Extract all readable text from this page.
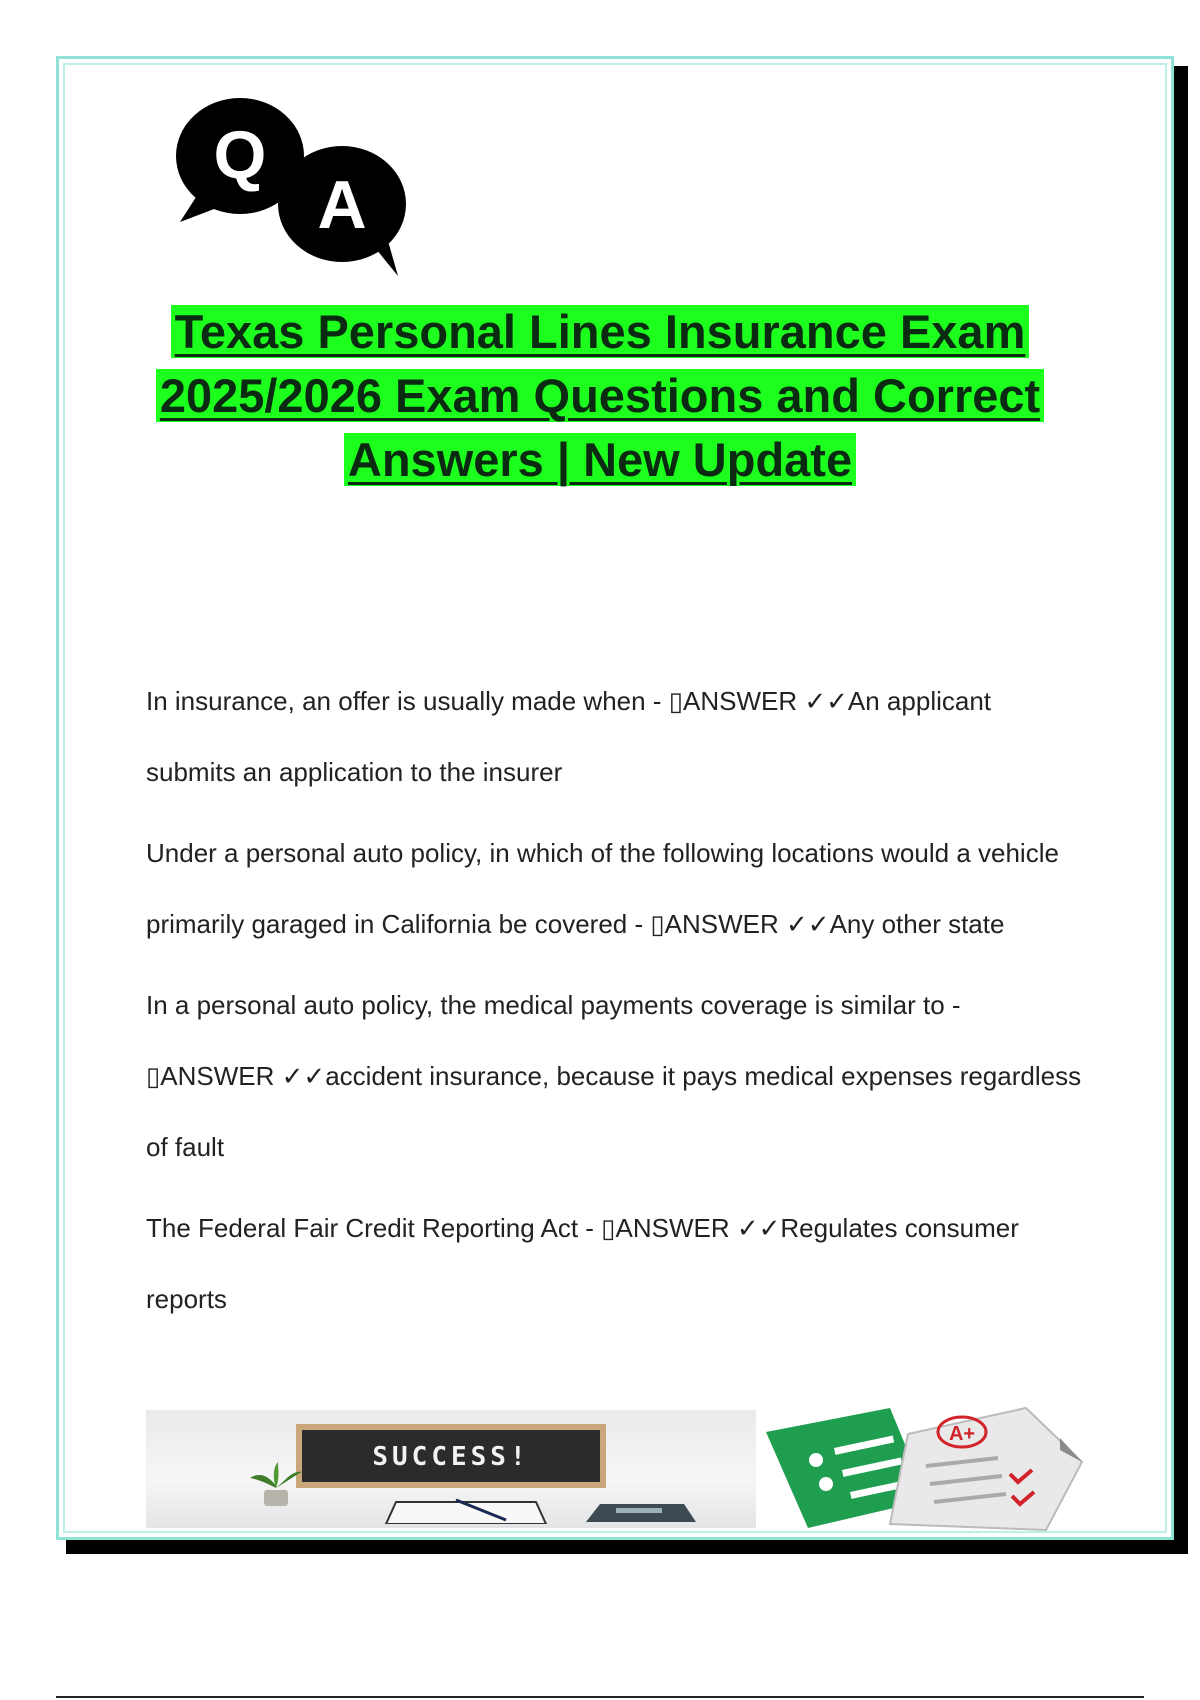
Q
A
Texas Personal Lines Insurance Exam
2025/2026 Exam Questions and Correct
Answers | New Update

In insurance, an offer is usually made when - ▯ANSWER ✓✓An applicant submits an application to the insurer

Under a personal auto policy, in which of the following locations would a vehicle primarily garaged in California be covered - ▯ANSWER ✓✓Any other state

In a personal auto policy, the medical payments coverage is similar to - ▯ANSWER ✓✓accident insurance, because it pays medical expenses regardless of fault

The Federal Fair Credit Reporting Act - ▯ANSWER ✓✓Regulates consumer reports

SUCCESS!
A+
